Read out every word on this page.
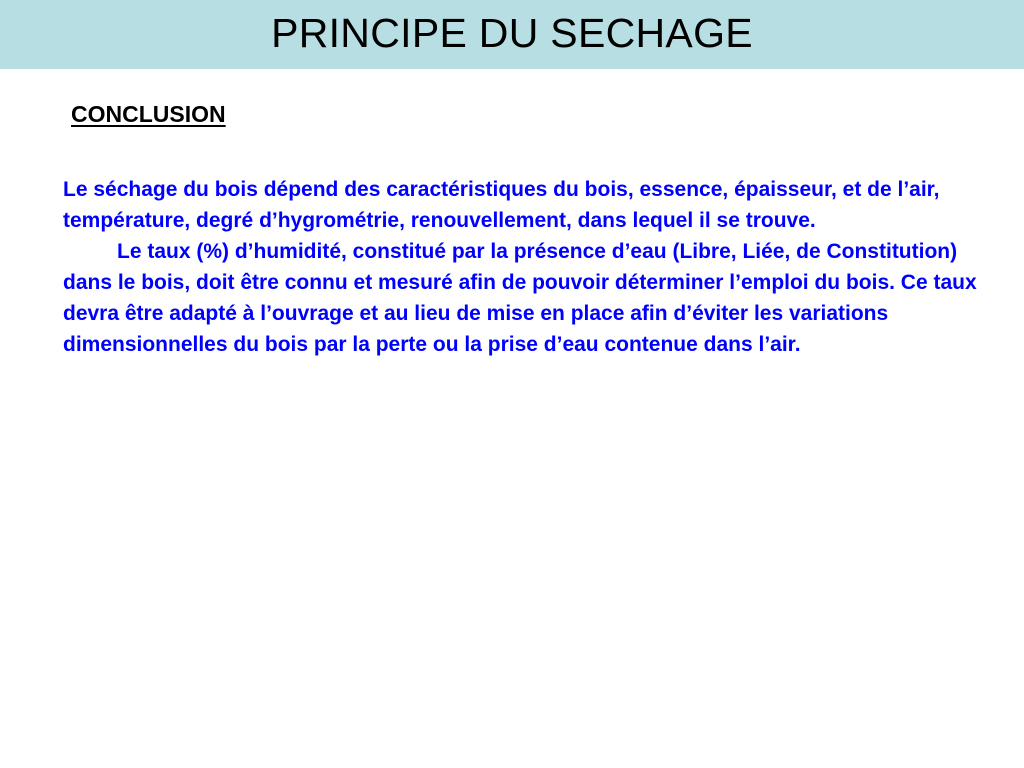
PRINCIPE DU SECHAGE
CONCLUSION

Le séchage du bois dépend des caractéristiques du bois, essence, épaisseur, et de l’air, température, degré d’hygrométrie, renouvellement, dans lequel il se trouve.

Le taux (%) d’humidité, constitué par la présence d’eau (Libre, Liée, de Constitution) dans le bois, doit être connu et mesuré afin de pouvoir déterminer l’emploi du bois. Ce taux devra être adapté à l’ouvrage et au lieu de mise en place afin d’éviter les variations dimensionnelles du bois par la perte ou la prise d’eau contenue dans l’air.
